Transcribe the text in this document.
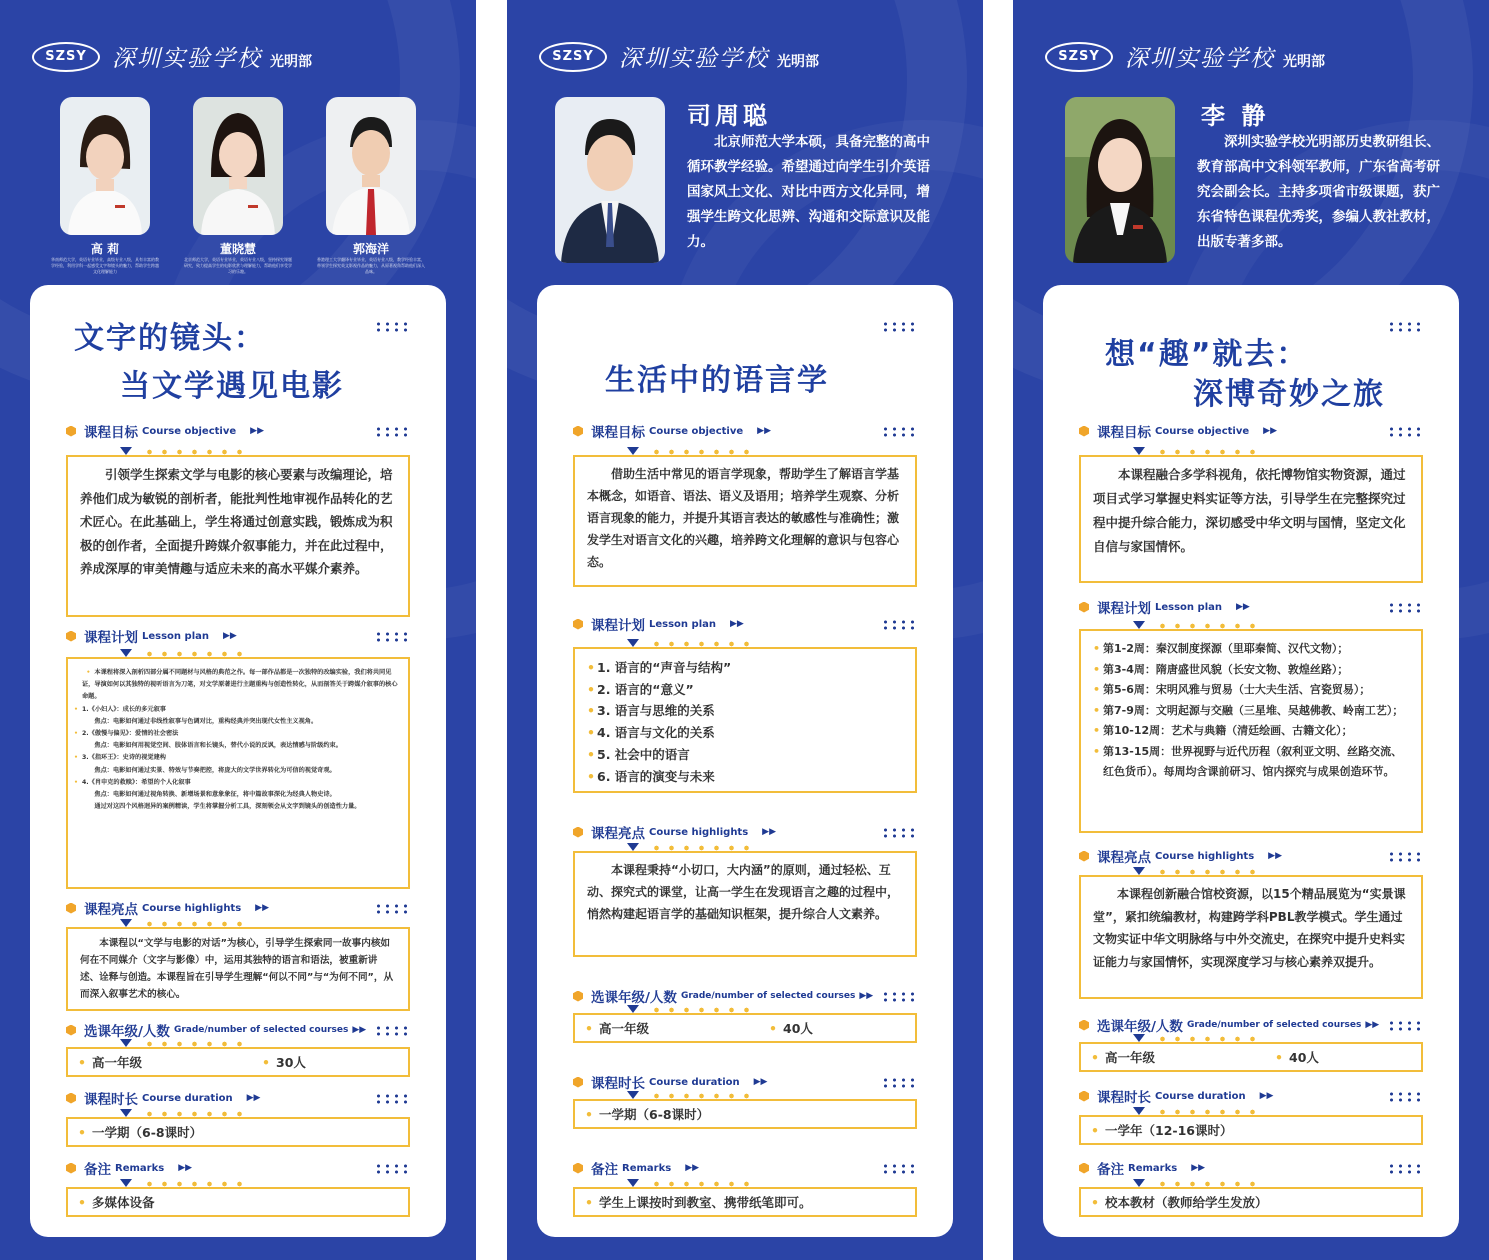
SZSY	深圳实验学校 光明部
高 莉
华南师范大学，英语专业毕业，高级专业八级，具有丰富的教学经验，利用学科一起感受文字和镜头的魅力，帮助学生跨越文化理解能力
董晓慧
北京师范大学，英语专业毕业，英语专业八级，坚持探究课题研究，致力提高学生的电影欣赏与理解能力，帮助他们享受学习的乐趣。
郭海洋
香港理工大学翻译专业毕业，英语专业八级，教学经验丰富，带领学生探究英文影视作品的魅力，从原著视角帮助他们深入品味。
文字的镜头：
当文学遇见电影
课程目标 Course objective ▶▶
引领学生探索文学与电影的核心要素与改编理论，培养他们成为敏锐的剖析者，能批判性地审视作品转化的艺术匠心。在此基础上，学生将通过创意实践，锻炼成为积极的创作者，全面提升跨媒介叙事能力，并在此过程中，养成深厚的审美情趣与适应未来的高水平媒介素养。
课程计划 Lesson plan ▶▶
• 本课程将深入剖析四部分属不同题材与风格的典范之作。每一部作品都是一次独特的改编实验，我们将共同见证，导演如何以其独特的视听语言为刀笔，对文学原著进行主题重构与创造性转化，从而剖答关于跨媒介叙事的核心命题。
• 1.《小妇人》：成长的多元叙事
焦点：电影如何通过非线性叙事与色调对比，重构经典并突出现代女性主义视角。
• 2.《傲慢与偏见》：爱情的社会密法
焦点：电影如何用视觉空间、肢体语言和长镜头，替代小说的反讽，表达情感与阶级约束。
• 3.《指环王》：史诗的视觉建构
焦点：电影如何通过实景、特效与节奏把控，将庞大的文学世界转化为可信的视觉奇观。
• 4.《肖申克的救赎》：希望的个人化叙事
焦点：电影如何通过视角转换、新增场景和意象象征，将中篇故事深化为经典人物史诗。
通过对这四个风格迥异的案例精读，学生将掌握分析工具，深刻领会从文字到镜头的创造性力量。
课程亮点 Course highlights ▶▶
本课程以“文学与电影的对话”为核心，引导学生探索同一故事内核如何在不同媒介（文字与影像）中，运用其独特的语言和语法，被重新讲述、诠释与创造。本课程旨在引导学生理解“何以不同”与“为何不同”，从而深入叙事艺术的核心。
选课年级/人数 Grade/number of selected courses ▶▶
• 高一年级	• 30人
课程时长 Course duration ▶▶
• 一学期（6-8课时）
备注 Remarks ▶▶
• 多媒体设备
SZSY	深圳实验学校 光明部
司周聪
北京师范大学本硕，具备完整的高中循环教学经验。希望通过向学生引介英语国家风土文化、对比中西方文化异同，增强学生跨文化思辨、沟通和交际意识及能力。
生活中的语言学
课程目标 Course objective ▶▶
借助生活中常见的语言学现象，帮助学生了解语言学基本概念，如语音、语法、语义及语用；培养学生观察、分析语言现象的能力，并提升其语言表达的敏感性与准确性；激发学生对语言文化的兴趣，培养跨文化理解的意识与包容心态。
课程计划 Lesson plan ▶▶
• 1. 语言的“声音与结构”
• 2. 语言的“意义”
• 3. 语言与思维的关系
• 4. 语言与文化的关系
• 5. 社会中的语言
• 6. 语言的演变与未来
课程亮点 Course highlights ▶▶
本课程秉持“小切口，大内涵”的原则，通过轻松、互动、探究式的课堂，让高一学生在发现语言之趣的过程中，悄然构建起语言学的基础知识框架，提升综合人文素养。
选课年级/人数 Grade/number of selected courses ▶▶
• 高一年级	• 40人
课程时长 Course duration ▶▶
• 一学期（6-8课时）
备注 Remarks ▶▶
• 学生上课按时到教室、携带纸笔即可。
SZSY	深圳实验学校 光明部
李 静
深圳实验学校光明部历史教研组长、教育部高中文科领军教师，广东省高考研究会副会长。主持多项省市级课题，获广东省特色课程优秀奖，参编人教社教材，出版专著多部。
想“趣”就去：
深博奇妙之旅
课程目标 Course objective ▶▶
本课程融合多学科视角，依托博物馆实物资源，通过项目式学习掌握史料实证等方法，引导学生在完整探究过程中提升综合能力，深切感受中华文明与国情，坚定文化自信与家国情怀。
课程计划 Lesson plan ▶▶
• 第1-2周：秦汉制度探源（里耶秦简、汉代文物）；
• 第3-4周：隋唐盛世风貌（长安文物、敦煌丝路）；
• 第5-6周：宋明风雅与贸易（士大夫生活、宫瓷贸易）；
• 第7-9周：文明起源与交融（三星堆、吴越佛教、岭南工艺）；
• 第10-12周：艺术与典籍（清廷绘画、古籍文化）；
• 第13-15周：世界视野与近代历程（叙利亚文明、丝路交流、红色货币）。每周均含课前研习、馆内探究与成果创造环节。
课程亮点 Course highlights ▶▶
本课程创新融合馆校资源，以15个精品展览为“实景课堂”，紧扣统编教材，构建跨学科PBL教学模式。学生通过文物实证中华文明脉络与中外交流史，在探究中提升史料实证能力与家国情怀，实现深度学习与核心素养双提升。
选课年级/人数 Grade/number of selected courses ▶▶
• 高一年级	• 40人
课程时长 Course duration ▶▶
• 一学年（12-16课时）
备注 Remarks ▶▶
• 校本教材（教师给学生发放）
